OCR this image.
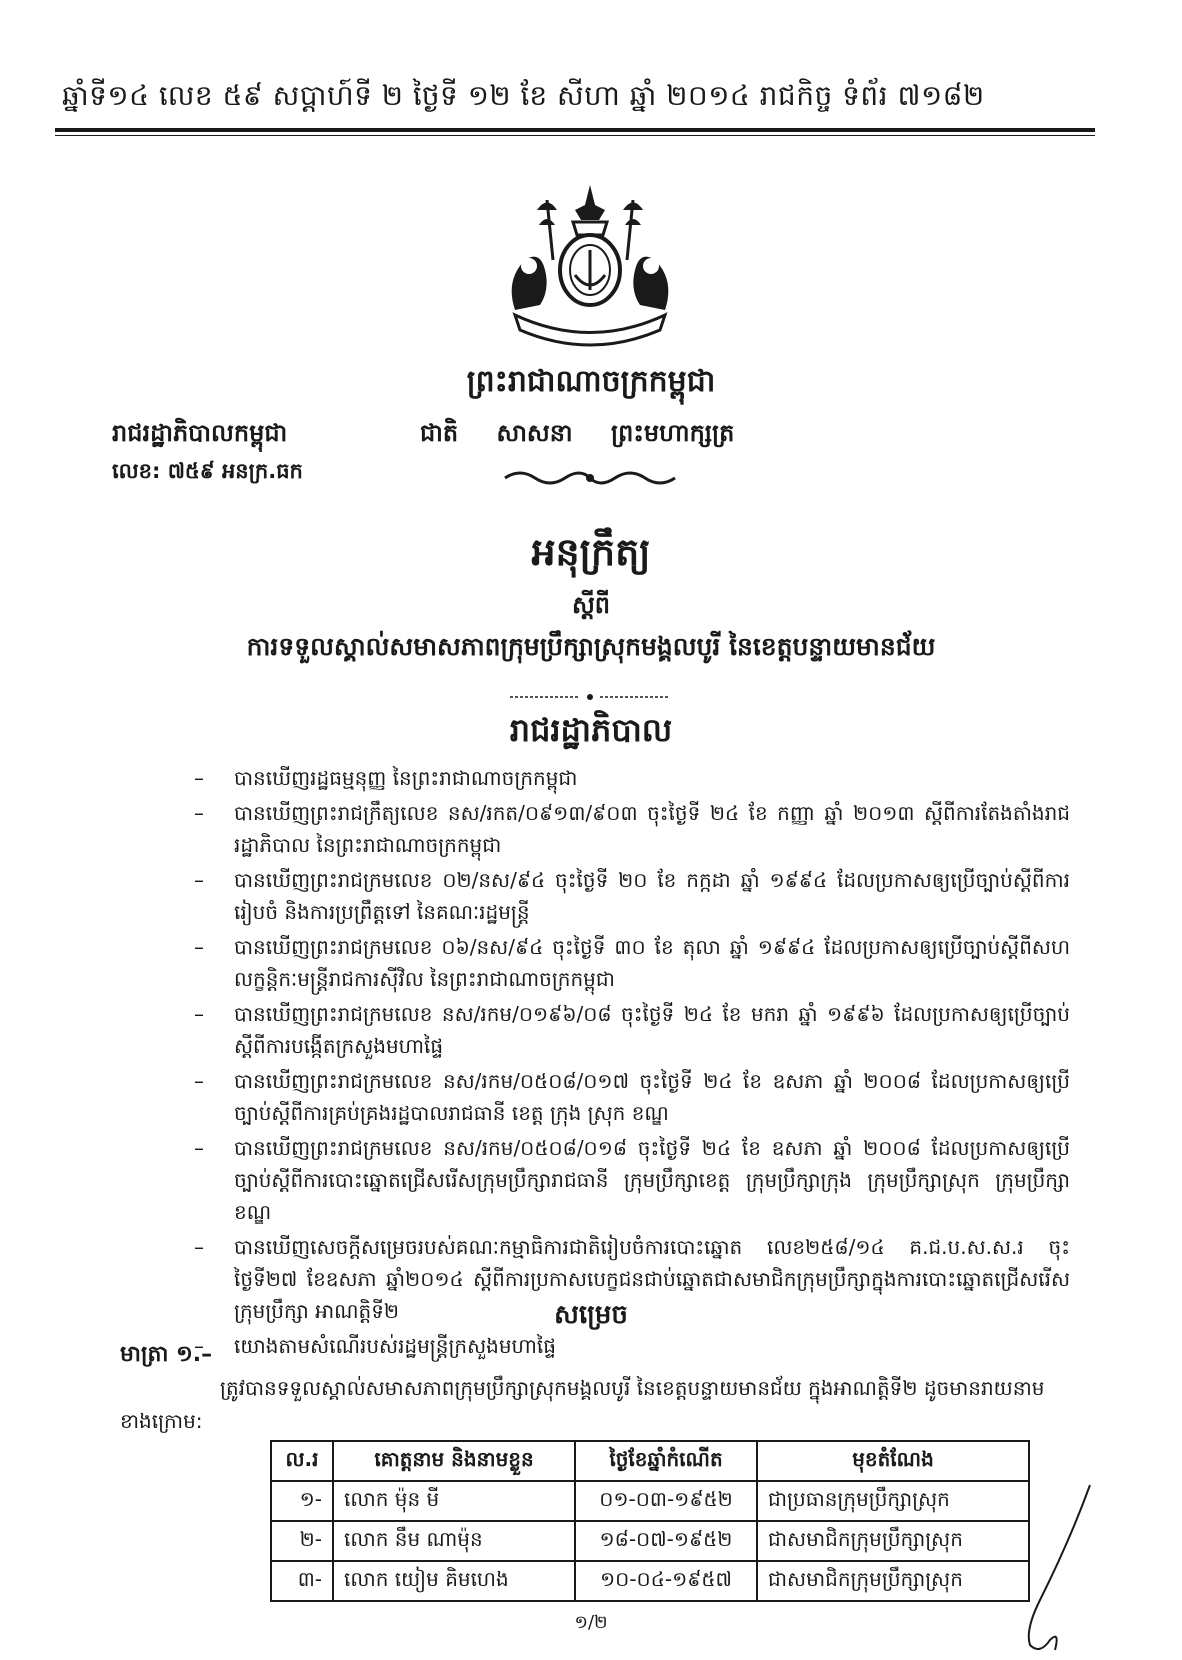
ឆ្នាំទី១៤ លេខ ៥៩ សប្តាហ៍ទី ២ ថ្ងៃទី ១២ ខែ សីហា ឆ្នាំ ២០១៤ រាជកិច្ច ទំព័រ ៧១៨២
ព្រះរាជាណាចក្រកម្ពុជា
រាជរដ្ឋាភិបាលកម្ពុជា	ជាតិ សាសនា ព្រះមហាក្សត្រ
លេខ: ៧៥៩ អនក្រ.ធក
អនុក្រឹត្យ
ស្តីពី
ការទទួលស្គាល់សមាសភាពក្រុមប្រឹក្សាស្រុកមង្គលបូរី នៃខេត្តបន្ទាយមានជ័យ
រាជរដ្ឋាភិបាល
– បានឃើញរដ្ឋធម្មនុញ្ញ នៃព្រះរាជាណាចក្រកម្ពុជា
– បានឃើញព្រះរាជក្រឹត្យលេខ នស/រកត/០៩១៣/៩០៣ ចុះថ្ងៃទី ២៤ ខែ កញ្ញា ឆ្នាំ ២០១៣ ស្តីពីការតែងតាំងរាជរដ្ឋាភិបាល នៃព្រះរាជាណាចក្រកម្ពុជា
– បានឃើញព្រះរាជក្រមលេខ ០២/នស/៩៤ ចុះថ្ងៃទី ២០ ខែ កក្កដា ឆ្នាំ ១៩៩៤ ដែលប្រកាសឲ្យប្រើច្បាប់ស្តីពីការរៀបចំ និងការប្រព្រឹត្តទៅ នៃគណៈរដ្ឋមន្ត្រី
– បានឃើញព្រះរាជក្រមលេខ ០៦/នស/៩៤ ចុះថ្ងៃទី ៣០ ខែ តុលា ឆ្នាំ ១៩៩៤ ដែលប្រកាសឲ្យប្រើច្បាប់ស្តីពីសហលក្ខន្តិកៈមន្ត្រីរាជការស៊ីវិល នៃព្រះរាជាណាចក្រកម្ពុជា
– បានឃើញព្រះរាជក្រមលេខ នស/រកម/០១៩៦/០៨ ចុះថ្ងៃទី ២៤ ខែ មករា ឆ្នាំ ១៩៩៦ ដែលប្រកាសឲ្យប្រើច្បាប់ស្តីពីការបង្កើតក្រសួងមហាផ្ទៃ
– បានឃើញព្រះរាជក្រមលេខ នស/រកម/០៥០៨/០១៧ ចុះថ្ងៃទី ២៤ ខែ ឧសភា ឆ្នាំ ២០០៨ ដែលប្រកាសឲ្យប្រើច្បាប់ស្តីពីការគ្រប់គ្រងរដ្ឋបាលរាជធានី ខេត្ត ក្រុង ស្រុក ខណ្ឌ
– បានឃើញព្រះរាជក្រមលេខ នស/រកម/០៥០៨/០១៨ ចុះថ្ងៃទី ២៤ ខែ ឧសភា ឆ្នាំ ២០០៨ ដែលប្រកាសឲ្យប្រើច្បាប់ស្តីពីការបោះឆ្នោតជ្រើសរើសក្រុមប្រឹក្សារាជធានី ក្រុមប្រឹក្សាខេត្ត ក្រុមប្រឹក្សាក្រុង ក្រុមប្រឹក្សាស្រុក ក្រុមប្រឹក្សាខណ្ឌ
– បានឃើញសេចក្តីសម្រេចរបស់គណៈកម្មាធិការជាតិរៀបចំការបោះឆ្នោត លេខ២៥៨/១៤ គ.ជ.ប.ស.ស.រ ចុះថ្ងៃទី២៧ ខែឧសភា ឆ្នាំ២០១៤ ស្តីពីការប្រកាសបេក្ខជនជាប់ឆ្នោតជាសមាជិកក្រុមប្រឹក្សាក្នុងការបោះឆ្នោតជ្រើសរើសក្រុមប្រឹក្សា អាណត្តិទី២
– យោងតាមសំណើរបស់រដ្ឋមន្ត្រីក្រសួងមហាផ្ទៃ
សម្រេច
មាត្រា ១.–
ត្រូវបានទទួលស្គាល់សមាសភាពក្រុមប្រឹក្សាស្រុកមង្គលបូរី នៃខេត្តបន្ទាយមានជ័យ ក្នុងអាណត្តិទី២ ដូចមានរាយនាមខាងក្រោម:
ល.រ	គោត្តនាម និងនាមខ្លួន	ថ្ងៃខែឆ្នាំកំណើត	មុខតំណែង
១-	លោក ម៉ុន មី	០១-០៣-១៩៥២	ជាប្រធានក្រុមប្រឹក្សាស្រុក
២-	លោក នឹម ណាម៉ុន	១៨-០៧-១៩៥២	ជាសមាជិកក្រុមប្រឹក្សាស្រុក
៣-	លោក យៀម គិមហេង	១០-០៤-១៩៥៧	ជាសមាជិកក្រុមប្រឹក្សាស្រុក
១/២
